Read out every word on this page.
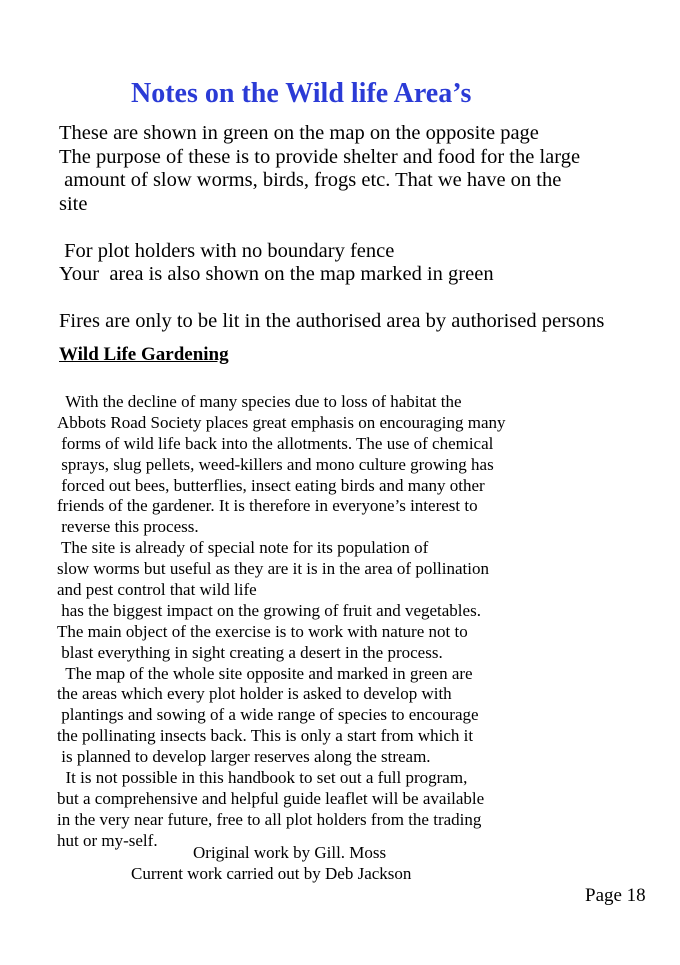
Notes on the Wild life Area’s
These are shown in green on the map on the opposite page
The purpose of these is to provide shelter and food for the large
amount of slow worms, birds, frogs etc. That we have on the
site
For plot holders with no boundary fence
Your  area is also shown on the map marked in green
Fires are only to be lit in the authorised area by authorised persons
Wild Life Gardening
With the decline of many species due to loss of habitat the
Abbots Road Society places great emphasis on encouraging many
forms of wild life back into the allotments. The use of chemical
sprays, slug pellets, weed-killers and mono culture growing has
forced out bees, butterflies, insect eating birds and many other
friends of the gardener. It is therefore in everyone’s interest to
reverse this process.
The site is already of special note for its population of
slow worms but useful as they are it is in the area of pollination
and pest control that wild life
has the biggest impact on the growing of fruit and vegetables.
The main object of the exercise is to work with nature not to
blast everything in sight creating a desert in the process.
The map of the whole site opposite and marked in green are
the areas which every plot holder is asked to develop with
plantings and sowing of a wide range of species to encourage
the pollinating insects back. This is only a start from which it
is planned to develop larger reserves along the stream.
It is not possible in this handbook to set out a full program,
but a comprehensive and helpful guide leaflet will be available
in the very near future, free to all plot holders from the trading
hut or my-self.
Original work by Gill. Moss
Current work carried out by Deb Jackson
Page 18
